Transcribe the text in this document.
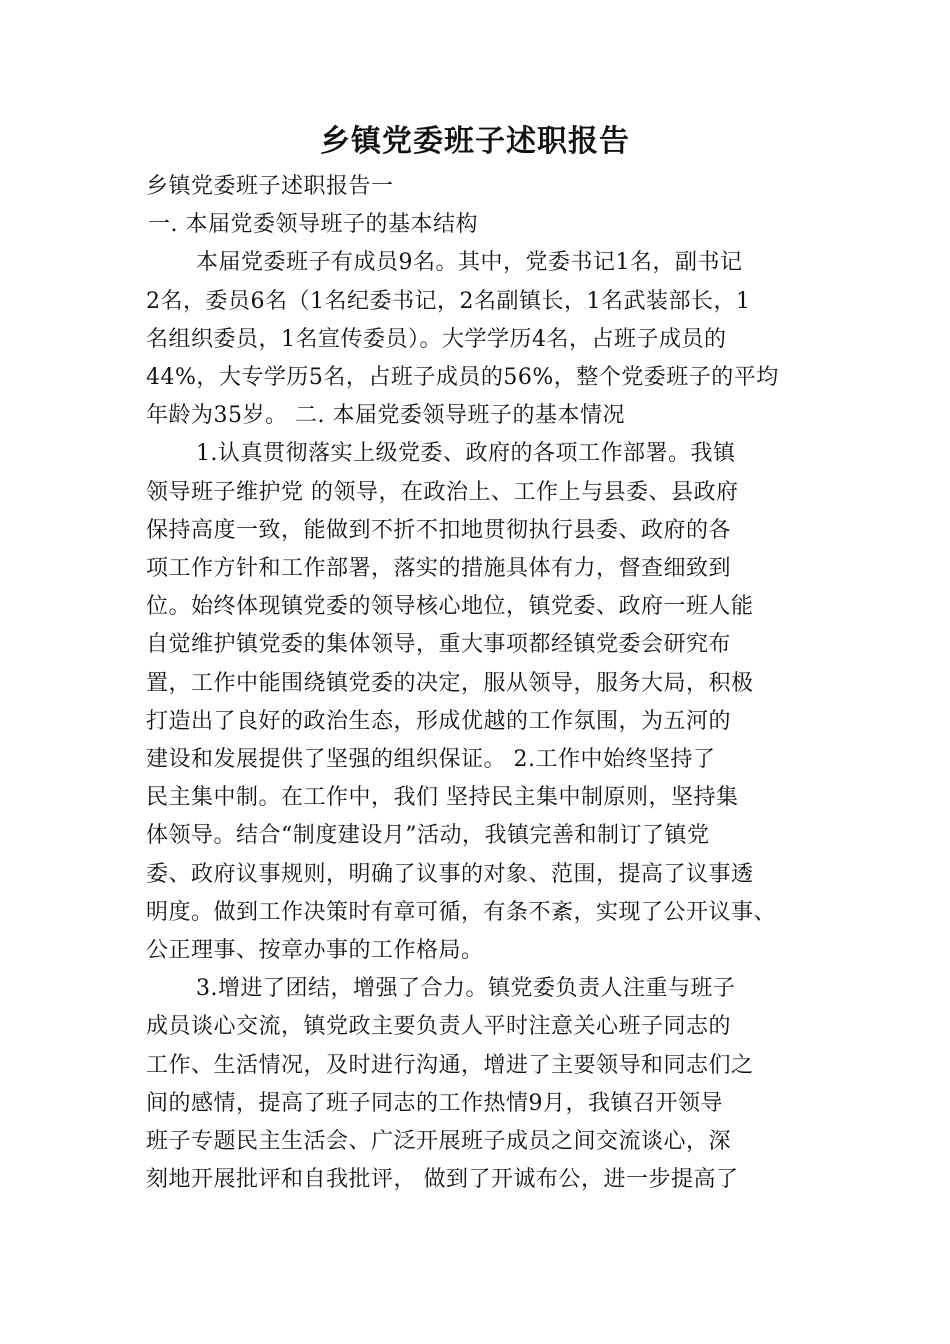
乡镇党委班子述职报告
乡镇党委班子述职报告一
一. 本届党委领导班子的基本结构
本届党委班子有成员9名。其中，党委书记1名，副书记
2名，委员6名（1名纪委书记，2名副镇长，1名武装部长，1
名组织委员，1名宣传委员）。大学学历4名，占班子成员的
44%，大专学历5名，占班子成员的56%，整个党委班子的平均
年龄为35岁。 二. 本届党委领导班子的基本情况
1.认真贯彻落实上级党委、政府的各项工作部署。我镇
领导班子维护党 的领导，在政治上、工作上与县委、县政府
保持高度一致，能做到不折不扣地贯彻执行县委、政府的各
项工作方针和工作部署，落实的措施具体有力，督查细致到
位。始终体现镇党委的领导核心地位，镇党委、政府一班人能
自觉维护镇党委的集体领导，重大事项都经镇党委会研究布
置，工作中能围绕镇党委的决定，服从领导，服务大局，积极
打造出了良好的政治生态，形成优越的工作氛围，为五河的
建设和发展提供了坚强的组织保证。 2.工作中始终坚持了
民主集中制。在工作中，我们 坚持民主集中制原则，坚持集
体领导。结合“制度建设月”活动，我镇完善和制订了镇党
委、政府议事规则，明确了议事的对象、范围，提高了议事透
明度。做到工作决策时有章可循，有条不紊，实现了公开议事、
公正理事、按章办事的工作格局。
3.增进了团结，增强了合力。镇党委负责人注重与班子
成员谈心交流，镇党政主要负责人平时注意关心班子同志的
工作、生活情况，及时进行沟通，增进了主要领导和同志们之
间的感情，提高了班子同志的工作热情9月，我镇召开领导
班子专题民主生活会、广泛开展班子成员之间交流谈心，深
刻地开展批评和自我批评， 做到了开诚布公，进一步提高了
